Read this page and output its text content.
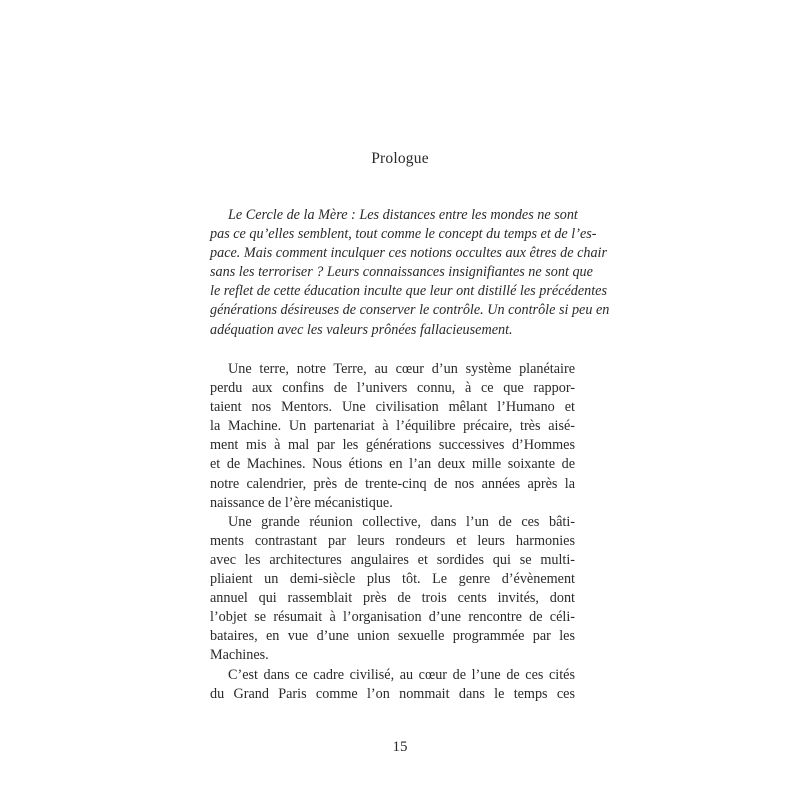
Prologue
Le Cercle de la Mère : Les distances entre les mondes ne sont
pas ce qu’elles semblent, tout comme le concept du temps et de l’es-
pace. Mais comment inculquer ces notions occultes aux êtres de chair
sans les terroriser ? Leurs connaissances insignifiantes ne sont que
le reflet de cette éducation inculte que leur ont distillé les précédentes
générations désireuses de conserver le contrôle. Un contrôle si peu en
adéquation avec les valeurs prônées fallacieusement.
Une terre, notre Terre, au cœur d’un système planétaire
perdu aux confins de l’univers connu, à ce que rappor-
taient nos Mentors. Une civilisation mêlant l’Humano et
la Machine. Un partenariat à l’équilibre précaire, très aisé-
ment mis à mal par les générations successives d’Hommes
et de Machines. Nous étions en l’an deux mille soixante de
notre calendrier, près de trente-cinq de nos années après la
naissance de l’ère mécanistique.
Une grande réunion collective, dans l’un de ces bâti-
ments contrastant par leurs rondeurs et leurs harmonies
avec les architectures angulaires et sordides qui se multi-
pliaient un demi-siècle plus tôt. Le genre d’évènement
annuel qui rassemblait près de trois cents invités, dont
l’objet se résumait à l’organisation d’une rencontre de céli-
bataires, en vue d’une union sexuelle programmée par les
Machines.
C’est dans ce cadre civilisé, au cœur de l’une de ces cités
du Grand Paris comme l’on nommait dans le temps ces
15
